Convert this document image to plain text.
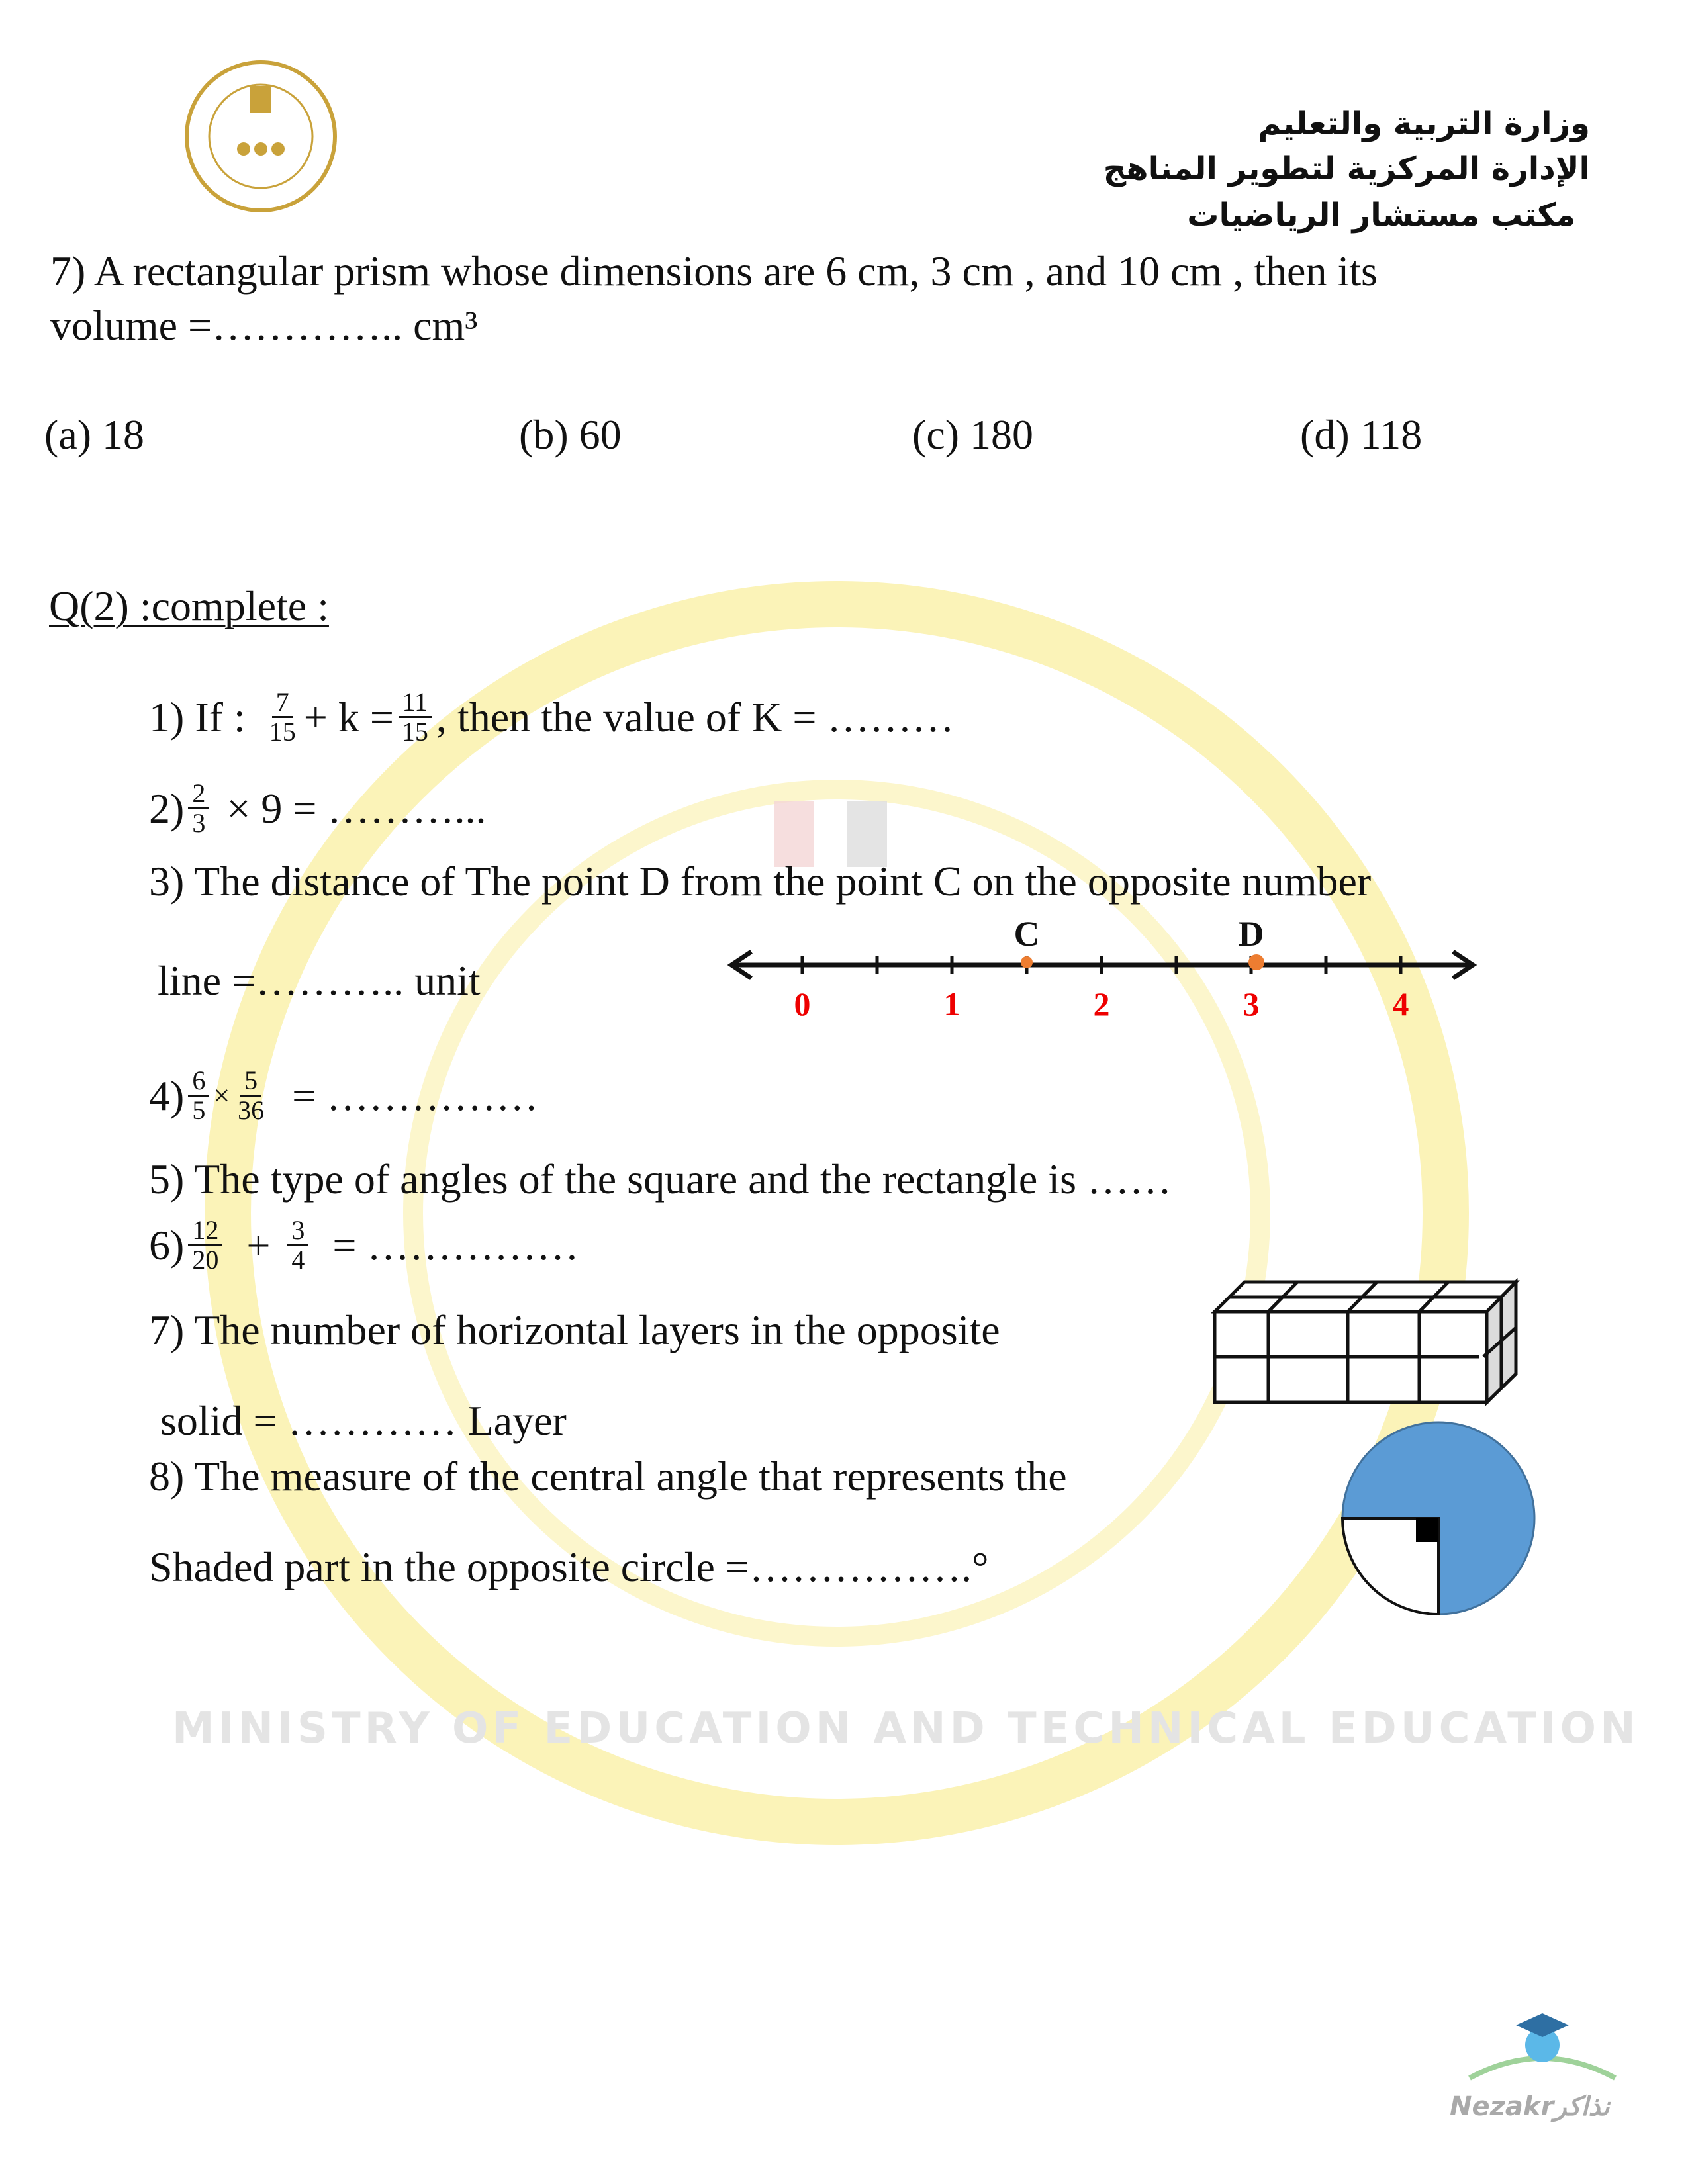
MINISTRY OF EDUCATION AND TECHNICAL EDUCATION
وزارة التربية والتعليم
الإدارة المركزية لتطوير المناهج
مكتب مستشار الرياضيات
7) A rectangular prism whose dimensions are 6 cm, 3 cm , and 10 cm , then its
volume =………….. cm³
(a) 18	(b) 60	(c) 180	(d) 118
Q(2) :complete :
1) If : $\frac{7}{15} + k = \frac{11}{15}$ , then the value of K = ………
$2) \frac{2}{3} \times 9$ = ………...
3) The distance of The point D from the point C on the opposite number
line =……….. unit	0	1	2	3	4
C	D
$4) \frac{6}{5} \times \frac{5}{36}$ = ……………
5) The type of angles of the square and the rectangle is ……
$6) \frac{12}{20} + \frac{3}{4}$ = ……………
7) The number of horizontal layers in the opposite
solid = ………… Layer
8) The measure of the central angle that represents the
Shaded part in the opposite circle =…………….°
Nezakrنذاكر
